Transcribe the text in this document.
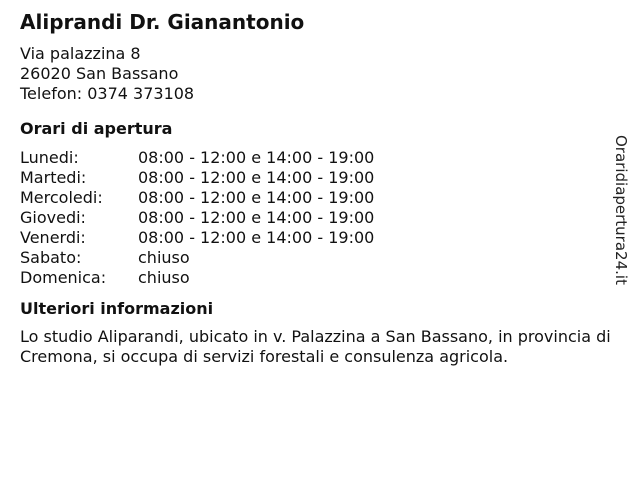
Aliprandi Dr. Gianantonio
Via palazzina 8
26020 San Bassano
Telefon: 0374 373108
Orari di apertura
Lunedi:	08:00 - 12:00 e 14:00 - 19:00
Martedi:	08:00 - 12:00 e 14:00 - 19:00
Mercoledi:	08:00 - 12:00 e 14:00 - 19:00
Giovedi:	08:00 - 12:00 e 14:00 - 19:00
Venerdi:	08:00 - 12:00 e 14:00 - 19:00
Sabato:	chiuso
Domenica:	chiuso
Ulteriori informazioni
Lo studio Aliparandi, ubicato in v. Palazzina a San Bassano, in provincia di Cremona, si occupa di servizi forestali e consulenza agricola.
Oraridiapertura24.it
